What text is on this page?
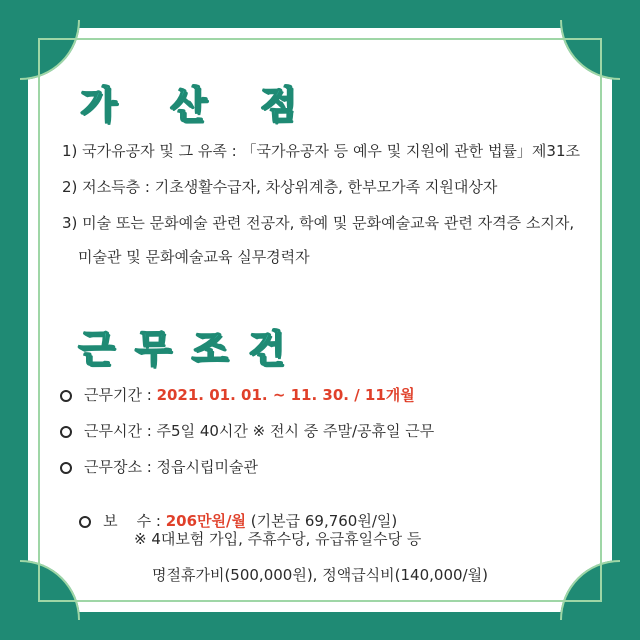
가 산 점
1) 국가유공자 및 그 유족 : 「국가유공자 등 예우 및 지원에 관한 법률」제31조
2) 저소득층 : 기초생활수급자, 차상위계층, 한부모가족 지원대상자
3) 미술 또는 문화예술 관련 전공자, 학예 및 문화예술교육 관련 자격증 소지자,
미술관 및 문화예술교육 실무경력자
근무조건
근무기간 : 2021. 01. 01. ~ 11. 30. / 11개월
근무시간 : 주5일 40시간 ※ 전시 중 주말/공휴일 근무
근무장소 : 정읍시립미술관

보    수 : 206만원/월 (기본급 69,760원/일)

※ 4대보험 가입, 주휴수당, 유급휴일수당 등
명절휴가비(500,000원), 정액급식비(140,000/월)
